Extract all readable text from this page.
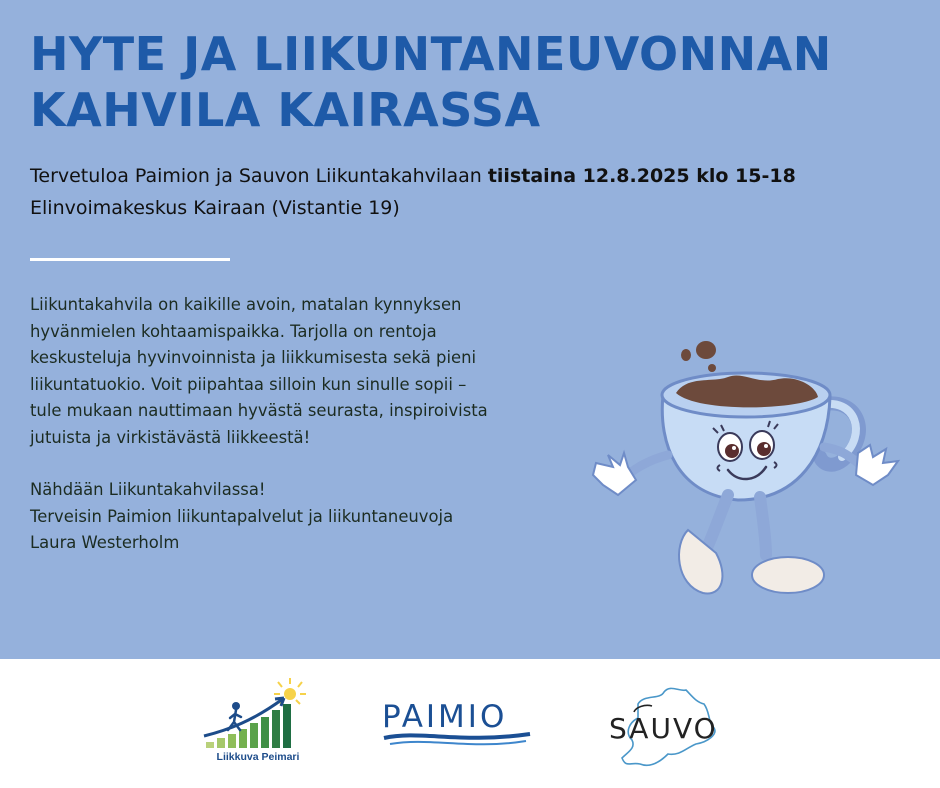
HYTE JA LIIKUNTANEUVONNAN
KAHVILA KAIRASSA
Tervetuloa Paimion ja Sauvon Liikuntakahvilaan tiistaina 12.8.2025 klo 15-18
Elinvoimakeskus Kairaan (Vistantie 19)

Liikuntakahvila on kaikille avoin, matalan kynnyksen

hyvänmielen kohtaamispaikka. Tarjolla on rentoja

keskusteluja hyvinvoinnista ja liikkumisesta sekä pieni

liikuntatuokio. Voit piipahtaa silloin kun sinulle sopii –

tule mukaan nauttimaan hyvästä seurasta, inspiroivista

jutuista ja virkistävästä liikkeestä!

Nähdään Liikuntakahvilassa!

Terveisin Paimion liikuntapalvelut ja liikuntaneuvoja

Laura Westerholm

Liikkuva Peimari
PAIMIO	SAUVO
